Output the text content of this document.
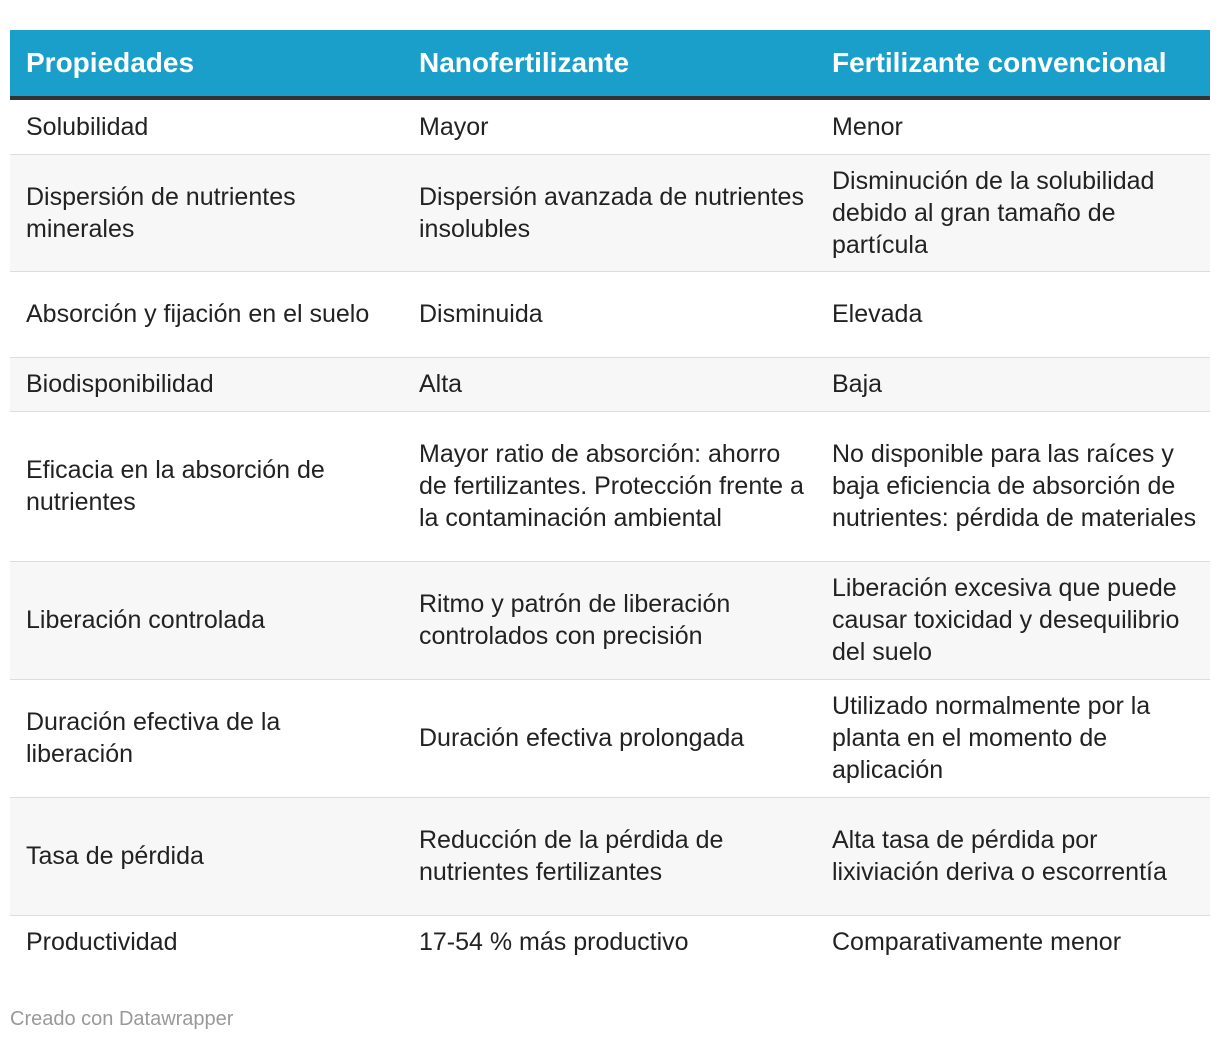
Propiedades	Nanofertilizante	Fertilizante convencional
Solubilidad	Mayor	Menor
Dispersión de nutrientes minerales	Dispersión avanzada de nutrientes insolubles	Disminución de la solubilidad debido al gran tamaño de partícula
Absorción y fijación en el suelo	Disminuida	Elevada
Biodisponibilidad	Alta	Baja
Eficacia en la absorción de nutrientes	Mayor ratio de absorción: ahorro de fertilizantes. Protección frente a la contaminación ambiental	No disponible para las raíces y baja eficiencia de absorción de nutrientes: pérdida de materiales
Liberación controlada	Ritmo y patrón de liberación controlados con precisión	Liberación excesiva que puede causar toxicidad y desequilibrio del suelo
Duración efectiva de la liberación	Duración efectiva prolongada	Utilizado normalmente por la planta en el momento de aplicación
Tasa de pérdida	Reducción de la pérdida de nutrientes fertilizantes	Alta tasa de pérdida por lixiviación deriva o escorrentía
Productividad	17-54 % más productivo	Comparativamente menor
Creado con Datawrapper
